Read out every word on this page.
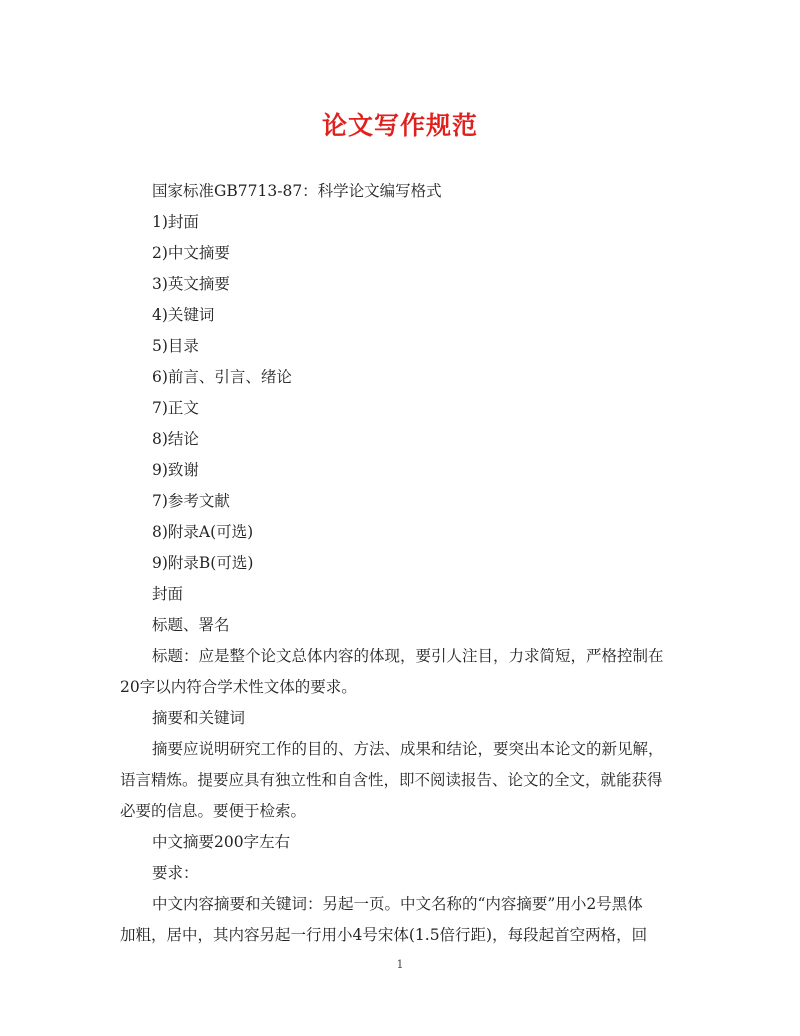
论文写作规范
国家标准GB7713-87：科学论文编写格式
1)封面
2)中文摘要
3)英文摘要
4)关键词
5)目录
6)前言、引言、绪论
7)正文
8)结论
9)致谢
7)参考文献
8)附录A(可选)
9)附录B(可选)
封面
标题、署名
标题：应是整个论文总体内容的体现，要引人注目，力求简短，严格控制在
20字以内符合学术性文体的要求。
摘要和关键词
摘要应说明研究工作的目的、方法、成果和结论，要突出本论文的新见解，
语言精炼。提要应具有独立性和自含性，即不阅读报告、论文的全文，就能获得
必要的信息。要便于检索。
中文摘要200字左右
要求：
中文内容摘要和关键词：另起一页。中文名称的“内容摘要”用小2号黑体
加粗，居中，其内容另起一行用小4号宋体(1.5倍行距)，每段起首空两格，回
1
